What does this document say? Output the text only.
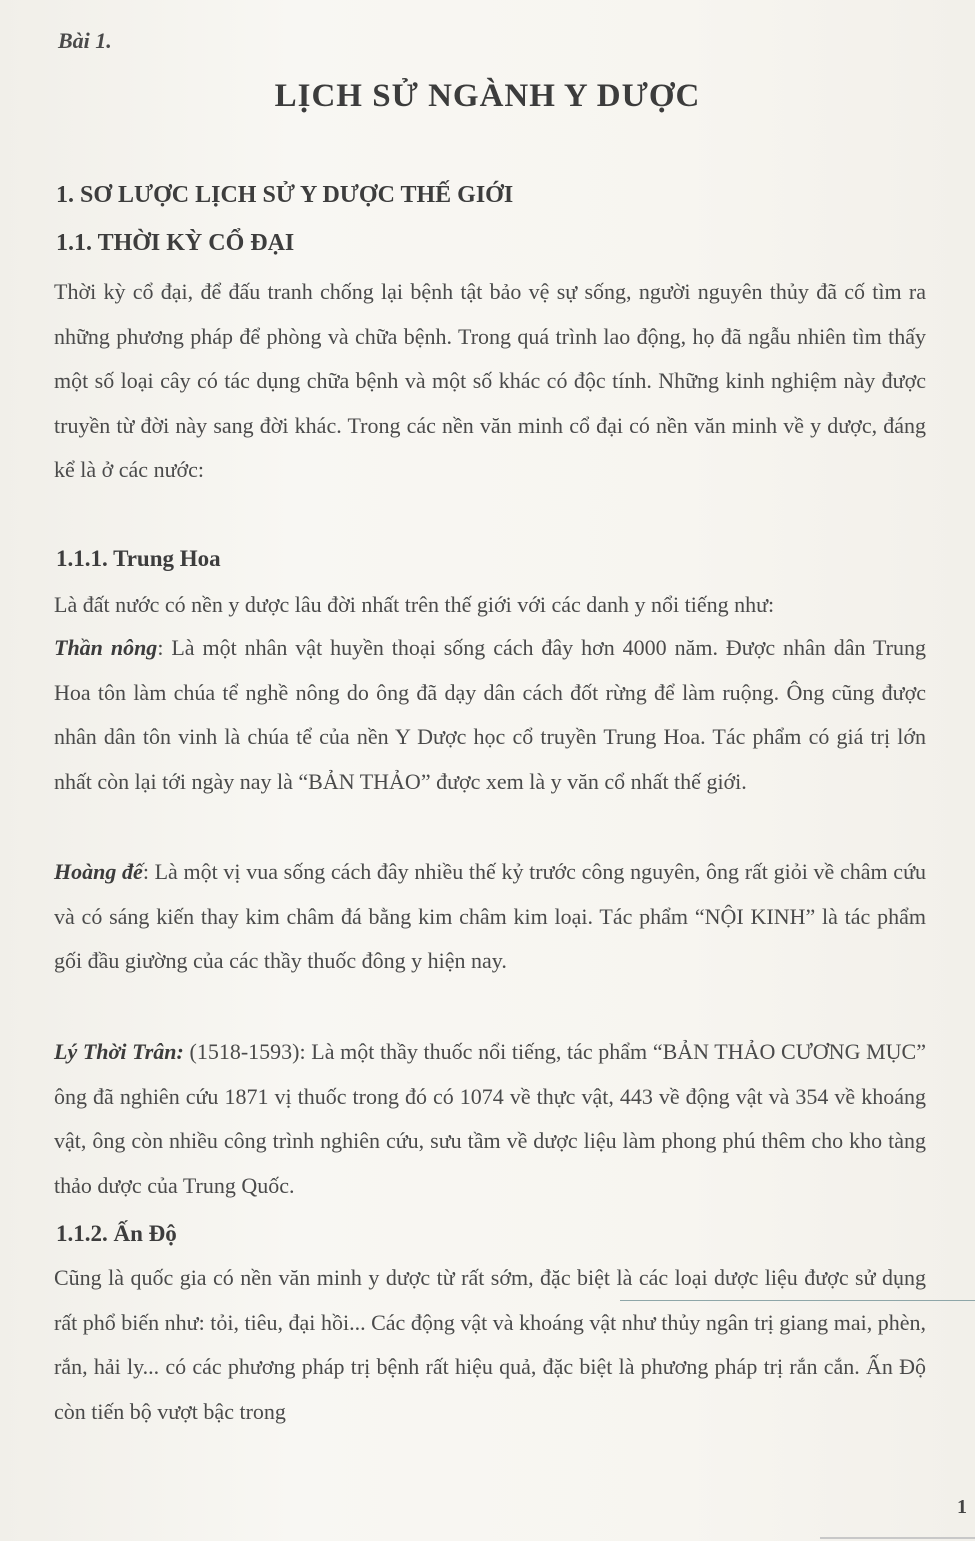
Bài 1.
LỊCH SỬ NGÀNH Y DƯỢC
1. SƠ LƯỢC LỊCH SỬ Y DƯỢC THẾ GIỚI
1.1. THỜI KỲ CỔ ĐẠI
Thời kỳ cổ đại, để đấu tranh chống lại bệnh tật bảo vệ sự sống, người nguyên thủy đã cố tìm ra những phương pháp để phòng và chữa bệnh. Trong quá trình lao động, họ đã ngẫu nhiên tìm thấy một số loại cây có tác dụng chữa bệnh và một số khác có độc tính. Những kinh nghiệm này được truyền từ đời này sang đời khác. Trong các nền văn minh cổ đại có nền văn minh về y dược, đáng kể là ở các nước:
1.1.1. Trung Hoa
Là đất nước có nền y dược lâu đời nhất trên thế giới với các danh y nổi tiếng như:
Thần nông: Là một nhân vật huyền thoại sống cách đây hơn 4000 năm. Được nhân dân Trung Hoa tôn làm chúa tể nghề nông do ông đã dạy dân cách đốt rừng để làm ruộng. Ông cũng được nhân dân tôn vinh là chúa tể của nền Y Dược học cổ truyền Trung Hoa. Tác phẩm có giá trị lớn nhất còn lại tới ngày nay là “BẢN THẢO” được xem là y văn cổ nhất thế giới.
Hoàng đế: Là một vị vua sống cách đây nhiều thế kỷ trước công nguyên, ông rất giỏi về châm cứu và có sáng kiến thay kim châm đá bằng kim châm kim loại. Tác phẩm “NỘI KINH” là tác phẩm gối đầu giường của các thầy thuốc đông y hiện nay.
Lý Thời Trân: (1518-1593): Là một thầy thuốc nổi tiếng, tác phẩm “BẢN THẢO CƯƠNG MỤC” ông đã nghiên cứu 1871 vị thuốc trong đó có 1074 về thực vật, 443 về động vật và 354 về khoáng vật, ông còn nhiều công trình nghiên cứu, sưu tầm về dược liệu làm phong phú thêm cho kho tàng thảo dược của Trung Quốc.
1.1.2. Ấn Độ
Cũng là quốc gia có nền văn minh y dược từ rất sớm, đặc biệt là các loại dược liệu được sử dụng rất phổ biến như: tỏi, tiêu, đại hồi... Các động vật và khoáng vật như thủy ngân trị giang mai, phèn, rắn, hải ly... có các phương pháp trị bệnh rất hiệu quả, đặc biệt là phương pháp trị rắn cắn. Ấn Độ còn tiến bộ vượt bậc trong
1
